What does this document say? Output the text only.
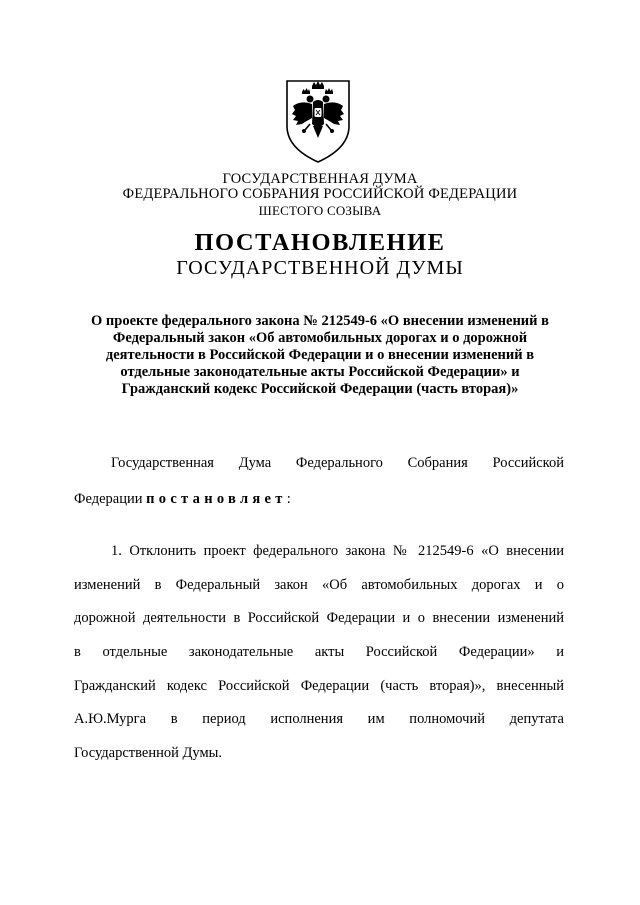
ГОСУДАРСТВЕННАЯ ДУМА
ФЕДЕРАЛЬНОГО СОБРАНИЯ РОССИЙСКОЙ ФЕДЕРАЦИИ
ШЕСТОГО СОЗЫВА
ПОСТАНОВЛЕНИЕ
ГОСУДАРСТВЕННОЙ ДУМЫ
О проекте федерального закона № 212549-6 «О внесении изменений в
Федеральный закон «Об автомобильных дорогах и о дорожной
деятельности в Российской Федерации и о внесении изменений в
отдельные законодательные акты Российской Федерации» и
Гражданский кодекс Российской Федерации (часть вторая)»
Государственная Дума Федерального Собрания Российской
Федерации постановляет:
1. Отклонить проект федерального закона № 212549-6 «О внесении
изменений в Федеральный закон «Об автомобильных дорогах и о
дорожной деятельности в Российской Федерации и о внесении изменений
в отдельные законодательные акты Российской Федерации» и
Гражданский кодекс Российской Федерации (часть вторая)», внесенный
А.Ю.Мурга в период исполнения им полномочий депутата
Государственной Думы.
